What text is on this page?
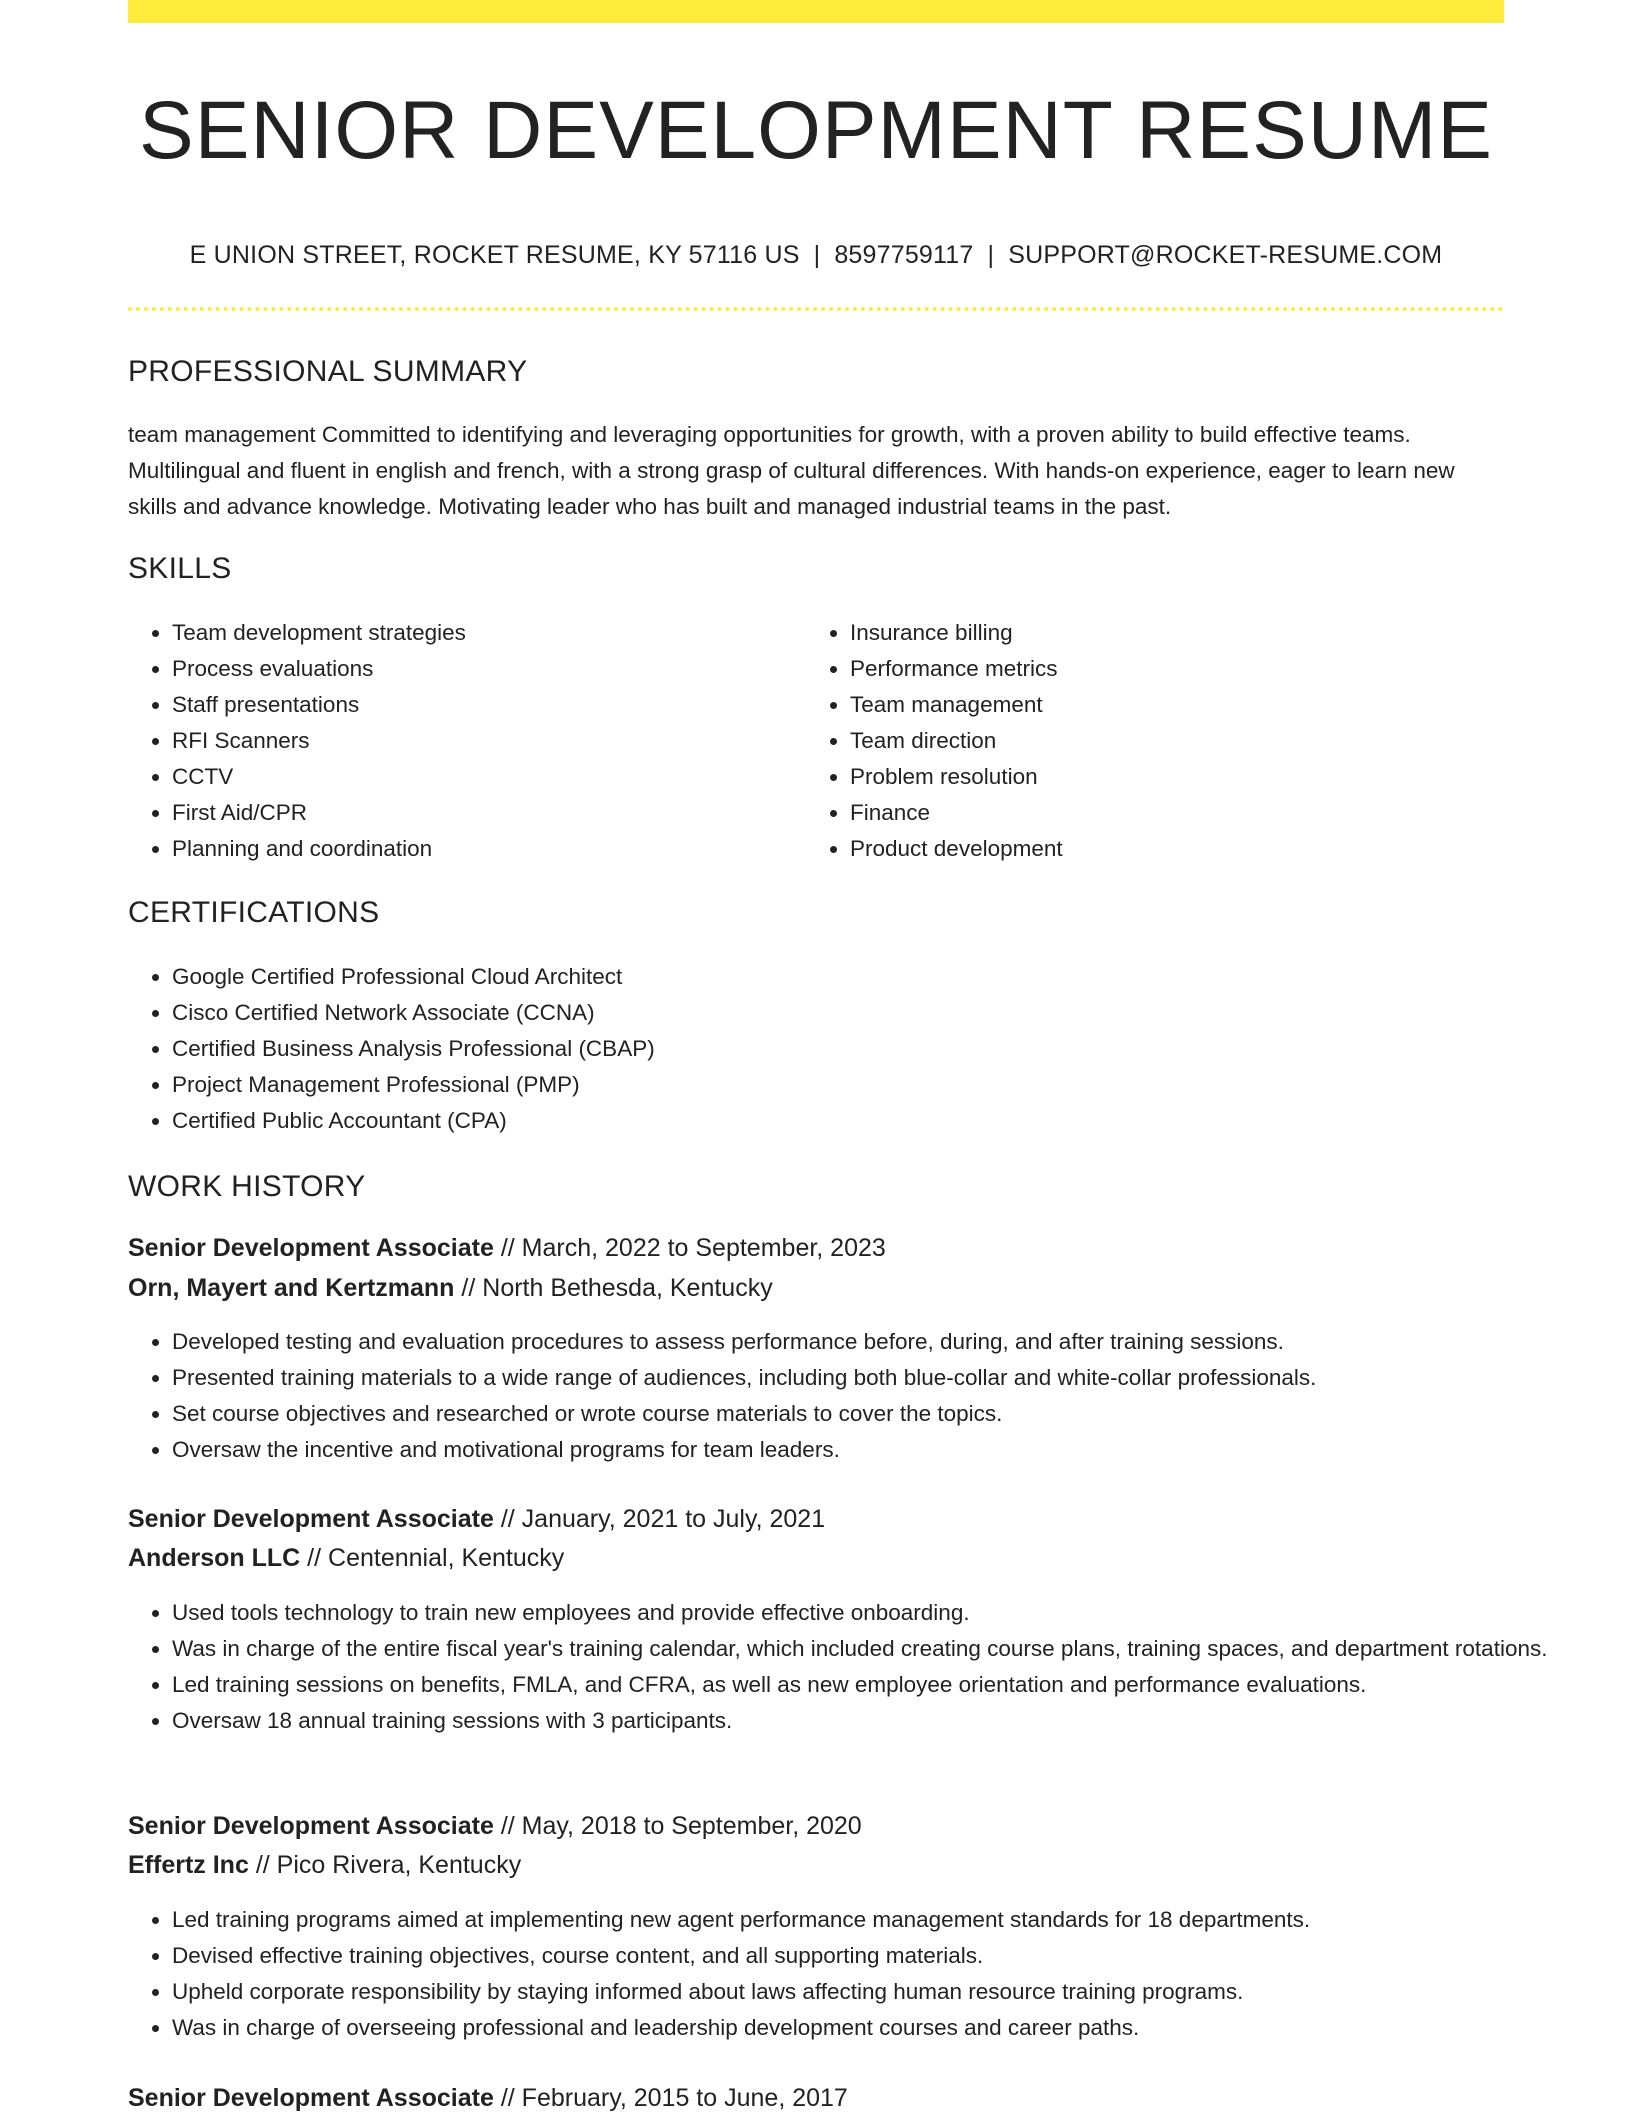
SENIOR DEVELOPMENT RESUME
E UNION STREET, ROCKET RESUME, KY 57116 US | 8597759117 | SUPPORT@ROCKET-RESUME.COM
PROFESSIONAL SUMMARY

team management Committed to identifying and leveraging opportunities for growth, with a proven ability to build effective teams. Multilingual and fluent in english and french, with a strong grasp of cultural differences. With hands-on experience, eager to learn new skills and advance knowledge. Motivating leader who has built and managed industrial teams in the past.

SKILLS
• Team development strategies
• Process evaluations
• Staff presentations
• RFI Scanners
• CCTV
• First Aid/CPR
• Planning and coordination
• Insurance billing
• Performance metrics
• Team management
• Team direction
• Problem resolution
• Finance
• Product development
CERTIFICATIONS
• Google Certified Professional Cloud Architect
• Cisco Certified Network Associate (CCNA)
• Certified Business Analysis Professional (CBAP)
• Project Management Professional (PMP)
• Certified Public Accountant (CPA)
WORK HISTORY
Senior Development Associate // March, 2022 to September, 2023
Orn, Mayert and Kertzmann // North Bethesda, Kentucky
• Developed testing and evaluation procedures to assess performance before, during, and after training sessions.
• Presented training materials to a wide range of audiences, including both blue-collar and white-collar professionals.
• Set course objectives and researched or wrote course materials to cover the topics.
• Oversaw the incentive and motivational programs for team leaders.
Senior Development Associate // January, 2021 to July, 2021
Anderson LLC // Centennial, Kentucky
• Used tools technology to train new employees and provide effective onboarding.
• Was in charge of the entire fiscal year's training calendar, which included creating course plans, training spaces, and department rotations.
• Led training sessions on benefits, FMLA, and CFRA, as well as new employee orientation and performance evaluations.
• Oversaw 18 annual training sessions with 3 participants.
Senior Development Associate // May, 2018 to September, 2020
Effertz Inc // Pico Rivera, Kentucky
• Led training programs aimed at implementing new agent performance management standards for 18 departments.
• Devised effective training objectives, course content, and all supporting materials.
• Upheld corporate responsibility by staying informed about laws affecting human resource training programs.
• Was in charge of overseeing professional and leadership development courses and career paths.
Senior Development Associate // February, 2015 to June, 2017
